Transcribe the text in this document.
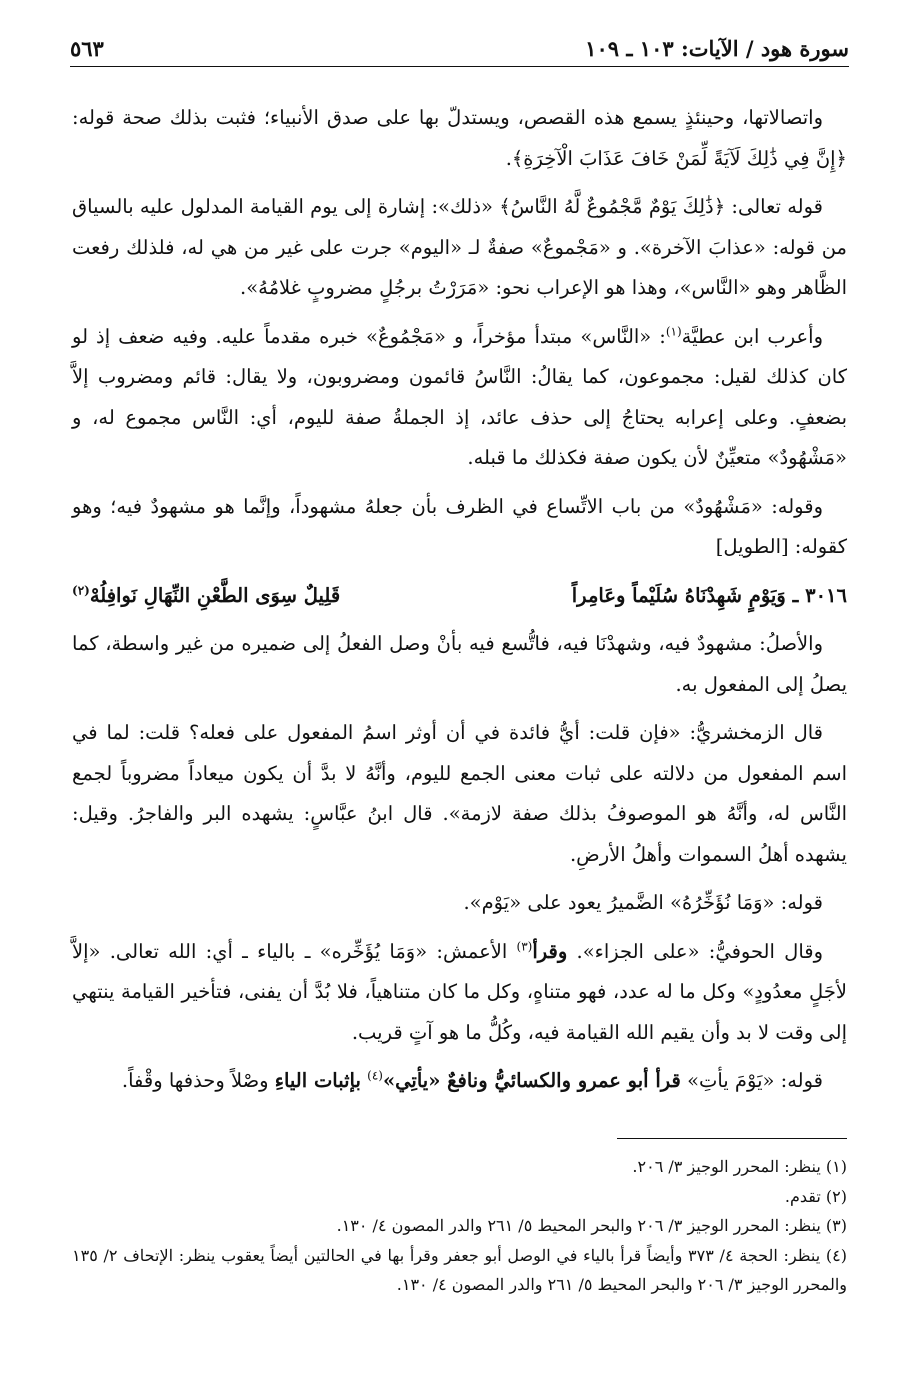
سورة هود / الآيات: ١٠٣ ـ ١٠٩
٥٦٣

واتصالاتها، وحينئذٍ يسمع هذه القصص، ويستدلّ بها على صدق الأنبياء؛ فثبت بذلك صحة قوله: ﴿إِنَّ فِي ذَٰلِكَ لَآيَةً لِّمَنْ خَافَ عَذَابَ الْآخِرَةِ﴾.

قوله تعالى: ﴿ذَٰلِكَ يَوْمٌ مَّجْمُوعٌ لَّهُ النَّاسُ﴾ «ذلك»: إشارة إلى يوم القيامة المدلول عليه بالسياق من قوله: «عذابَ الآخرة». و «مَجْموعٌ» صفةٌ لـ «اليوم» جرت على غير من هي له، فلذلك رفعت الظَّاهر وهو «النَّاس»، وهذا هو الإعراب نحو: «مَرَرْتُ برجُلٍ مضروبٍ غلامُهُ».

وأعرب ابن عطيَّة$^{(١)}$: «النَّاس» مبتدأ مؤخراً، و «مَجْمُوعٌ» خبره مقدماً عليه. وفيه ضعف إذ لو كان كذلك لقيل: مجموعون، كما يقالُ: النَّاسُ قائمون ومضروبون، ولا يقال: قائم ومضروب إلاَّ بضعفٍ. وعلى إعرابه يحتاجُ إلى حذف عائد، إذ الجملةُ صفة لليوم، أي: النَّاس مجموع له، و «مَشْهُودٌ» متعيِّنٌ لأن يكون صفة فكذلك ما قبله.

وقوله: «مَشْهُودٌ» من باب الاتِّساع في الظرف بأن جعلهُ مشهوداً، وإنَّما هو مشهودٌ فيه؛ وهو كقوله: [الطويل]

٣٠١٦ ـ وَيَوْمٍ شَهِدْنَاهُ سُلَيْماً وعَامِراً
قَلِيلٌ سِوَى الطَّعْنِ النِّهَالِ نَوافِلُهْ$^{(٢)}$

والأصلُ: مشهودٌ فيه، وشهدْنَا فيه، فاتُّسع فيه بأنْ وصل الفعلُ إلى ضميره من غير واسطة، كما يصلُ إلى المفعول به.

قال الزمخشريُّ: «فإن قلت: أيُّ فائدة في أن أوثر اسمُ المفعول على فعله؟ قلت: لما في اسم المفعول من دلالته على ثبات معنى الجمع لليوم، وأنَّهُ لا بدَّ أن يكون ميعاداً مضروباً لجمع النَّاس له، وأنَّهُ هو الموصوفُ بذلك صفة لازمة». قال ابنُ عبَّاسٍ: يشهده البر والفاجرُ. وقيل: يشهده أهلُ السموات وأهلُ الأرضِ.

قوله: «وَمَا نُؤَخِّرُهُ» الضَّميرُ يعود على «يَوْم».

وقال الحوفيُّ: «على الجزاء». وقرأ$^{(٣)}$ الأعمش: «وَمَا يُؤَخِّره» ـ بالياء ـ أي: الله تعالى. «إلاَّ لأجَلٍ معدُودٍ» وكل ما له عدد، فهو متناهٍ، وكل ما كان متناهياً، فلا بُدَّ أن يفنى، فتأخير القيامة ينتهي إلى وقت لا بد وأن يقيم الله القيامة فيه، وكُلُّ ما هو آتٍ قريب.

قوله: «يَوْمَ يأتِ» قرأ أبو عمرو والكسائيُّ ونافعٌ «يأتِي»$^{(٤)}$ بإثبات الياءِ وصْلاً وحذفها وقْفاً.

(١) ينظر: المحرر الوجيز ٣/ ٢٠٦.

(٢) تقدم.

(٣) ينظر: المحرر الوجيز ٣/ ٢٠٦ والبحر المحيط ٥/ ٢٦١ والدر المصون ٤/ ١٣٠.

(٤) ينظر: الحجة ٤/ ٣٧٣ وأيضاً قرأ بالياء في الوصل أبو جعفر وقرأ بها في الحالتين أيضاً يعقوب ينظر: الإتحاف ٢/ ١٣٥ والمحرر الوجيز ٣/ ٢٠٦ والبحر المحيط ٥/ ٢٦١ والدر المصون ٤/ ١٣٠.
